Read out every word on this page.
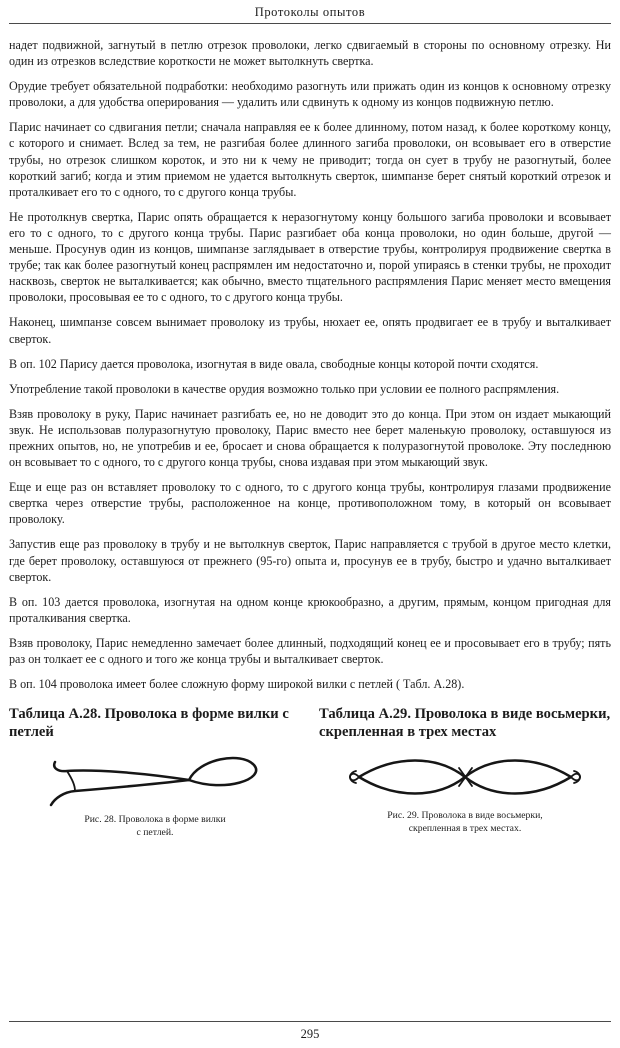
Протоколы опытов

надет подвижной, загнутый в петлю отрезок проволоки, легко сдвигаемый в стороны по основному отрезку. Ни один из отрезков вследствие короткости не может вытолкнуть свертка.

Орудие требует обязательной подработки: необходимо разогнуть или прижать один из концов к основному отрезку проволоки, а для удобства оперирования — удалить или сдвинуть к одному из концов подвижную петлю.

Парис начинает со сдвигания петли; сначала направляя ее к более длинному, потом назад, к более короткому концу, с которого и снимает. Вслед за тем, не разгибая более длинного загиба проволоки, он всовывает его в отверстие трубы, но отрезок слишком короток, и это ни к чему не приводит; тогда он сует в трубу не разогнутый, более короткий загиб; когда и этим приемом не удается вытолкнуть сверток, шимпанзе берет снятый короткий отрезок и проталкивает его то с одного, то с другого конца трубы.

Не протолкнув свертка, Парис опять обращается к неразогнутому концу большого загиба проволоки и всовывает его то с одного, то с другого конца трубы. Парис разгибает оба конца проволоки, но один больше, другой — меньше. Просунув один из концов, шимпанзе заглядывает в отверстие трубы, контролируя продвижение свертка в трубе; так как более разогнутый конец распрямлен им недостаточно и, порой упираясь в стенки трубы, не проходит насквозь, сверток не выталкивается; как обычно, вместо тщательного распрямления Парис меняет место вмещения проволоки, просовывая ее то с одного, то с другого конца трубы.

Наконец, шимпанзе совсем вынимает проволоку из трубы, нюхает ее, опять продвигает ее в трубу и выталкивает сверток.

В оп. 102 Парису дается проволока, изогнутая в виде овала, свободные концы которой почти сходятся.

Употребление такой проволоки в качестве орудия возможно только при условии ее полного распрямления.

Взяв проволоку в руку, Парис начинает разгибать ее, но не доводит это до конца. При этом он издает мыкающий звук. Не использовав полуразогнутую проволоку, Парис вместо нее берет маленькую проволоку, оставшуюся из прежних опытов, но, не употребив и ее, бросает и снова обращается к полуразогнутой проволоке. Эту последнюю он всовывает то с одного, то с другого конца трубы, снова издавая при этом мыкающий звук.

Еще и еще раз он вставляет проволоку то с одного, то с другого конца трубы, контролируя глазами продвижение свертка через отверстие трубы, расположенное на конце, противоположном тому, в который он всовывает проволоку.

Запустив еще раз проволоку в трубу и не вытолкнув сверток, Парис направляется с трубой в другое место клетки, где берет проволоку, оставшуюся от прежнего (95-го) опыта и, просунув ее в трубу, быстро и удачно выталкивает сверток.

В оп. 103 дается проволока, изогнутая на одном конце крюкообразно, а другим, прямым, концом пригодная для проталкивания свертка.

Взяв проволоку, Парис немедленно замечает более длинный, подходящий конец ее и просовывает его в трубу; пять раз он толкает ее с одного и того же конца трубы и выталкивает сверток.

В оп. 104 проволока имеет более сложную форму широкой вилки с петлей ( Табл. А.28).

Таблица А.28. Проволока в форме вилки с петлей
Рис. 28. Проволока в форме вилки
с петлей.
Таблица А.29. Проволока в виде восьмерки, скрепленная в трех местах
Рис. 29. Проволока в виде восьмерки,
скрепленная в трех местах.
295
